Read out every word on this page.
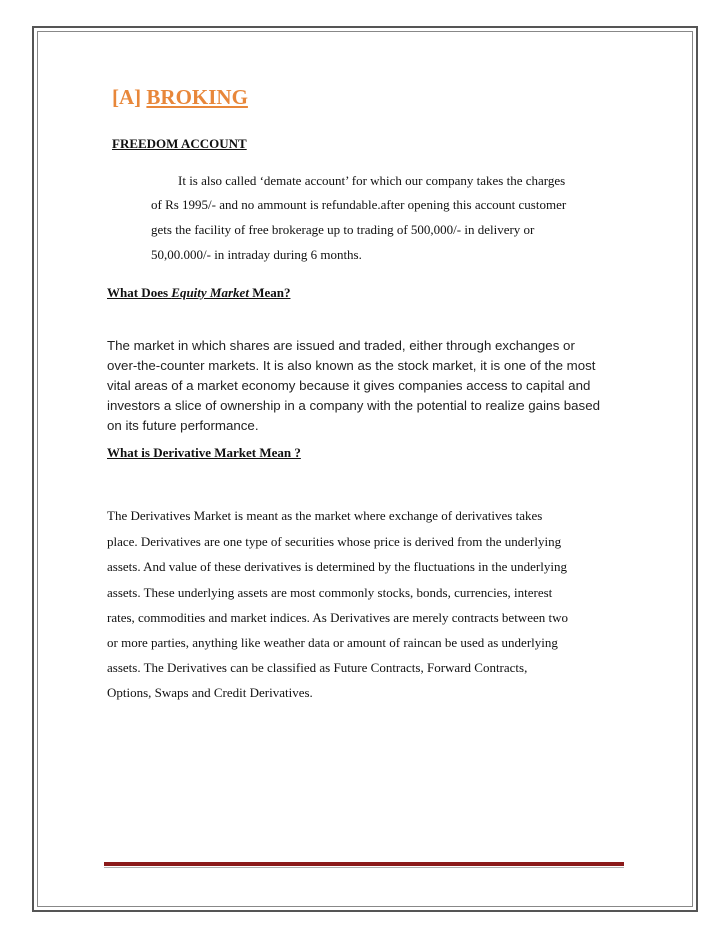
[A] BROKING
FREEDOM ACCOUNT
It is also called ‘demate account’ for which our company takes the charges
of Rs 1995/- and no ammount is refundable.after opening this account customer
gets the facility of free brokerage up to trading of 500,000/- in delivery or
50,00.000/- in intraday during 6 months.
What Does Equity Market Mean?
The market in which shares are issued and traded, either through exchanges or
over-the-counter markets. It is also known as the stock market, it is one of the most
vital areas of a market economy because it gives companies access to capital and
investors a slice of ownership in a company with the potential to realize gains based
on its future performance.
What is Derivative Market Mean ?
The Derivatives Market is meant as the market where exchange of derivatives takes
place. Derivatives are one type of securities whose price is derived from the underlying
assets. And value of these derivatives is determined by the fluctuations in the underlying
assets. These underlying assets are most commonly stocks, bonds, currencies, interest
rates, commodities and market indices. As Derivatives are merely contracts between two
or more parties, anything like weather data or amount of raincan be used as underlying
assets. The Derivatives can be classified as Future Contracts, Forward Contracts,
Options, Swaps and Credit Derivatives.
